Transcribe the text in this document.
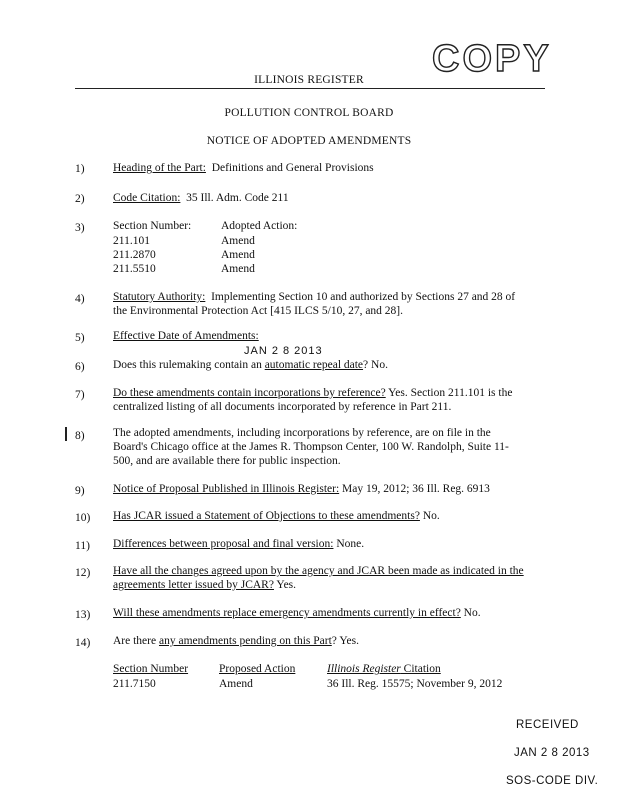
COPY
ILLINOIS REGISTER
POLLUTION CONTROL BOARD
NOTICE OF ADOPTED AMENDMENTS
1) Heading of the Part: Definitions and General Provisions
2) Code Citation: 35 Ill. Adm. Code 211
3) Section Number:	Adopted Action:
211.101	Amend
211.2870	Amend
211.5510	Amend
4) Statutory Authority: Implementing Section 10 and authorized by Sections 27 and 28 of
the Environmental Protection Act [415 ILCS 5/10, 27, and 28].
5) Effective Date of Amendments:
JAN 2 8 2013
6) Does this rulemaking contain an automatic repeal date? No.
7) Do these amendments contain incorporations by reference? Yes. Section 211.101 is the
centralized listing of all documents incorporated by reference in Part 211.
8) The adopted amendments, including incorporations by reference, are on file in the
Board's Chicago office at the James R. Thompson Center, 100 W. Randolph, Suite 11-
500, and are available there for public inspection.
9) Notice of Proposal Published in Illinois Register: May 19, 2012; 36 Ill. Reg. 6913
10) Has JCAR issued a Statement of Objections to these amendments? No.
11) Differences between proposal and final version: None.
12) Have all the changes agreed upon by the agency and JCAR been made as indicated in the
agreements letter issued by JCAR? Yes.
13) Will these amendments replace emergency amendments currently in effect? No.
14) Are there any amendments pending on this Part? Yes.
Section Number	Proposed Action	Illinois Register Citation
211.7150	Amend	36 Ill. Reg. 15575; November 9, 2012
RECEIVED
JAN 2 8 2013
SOS-CODE DIV.
